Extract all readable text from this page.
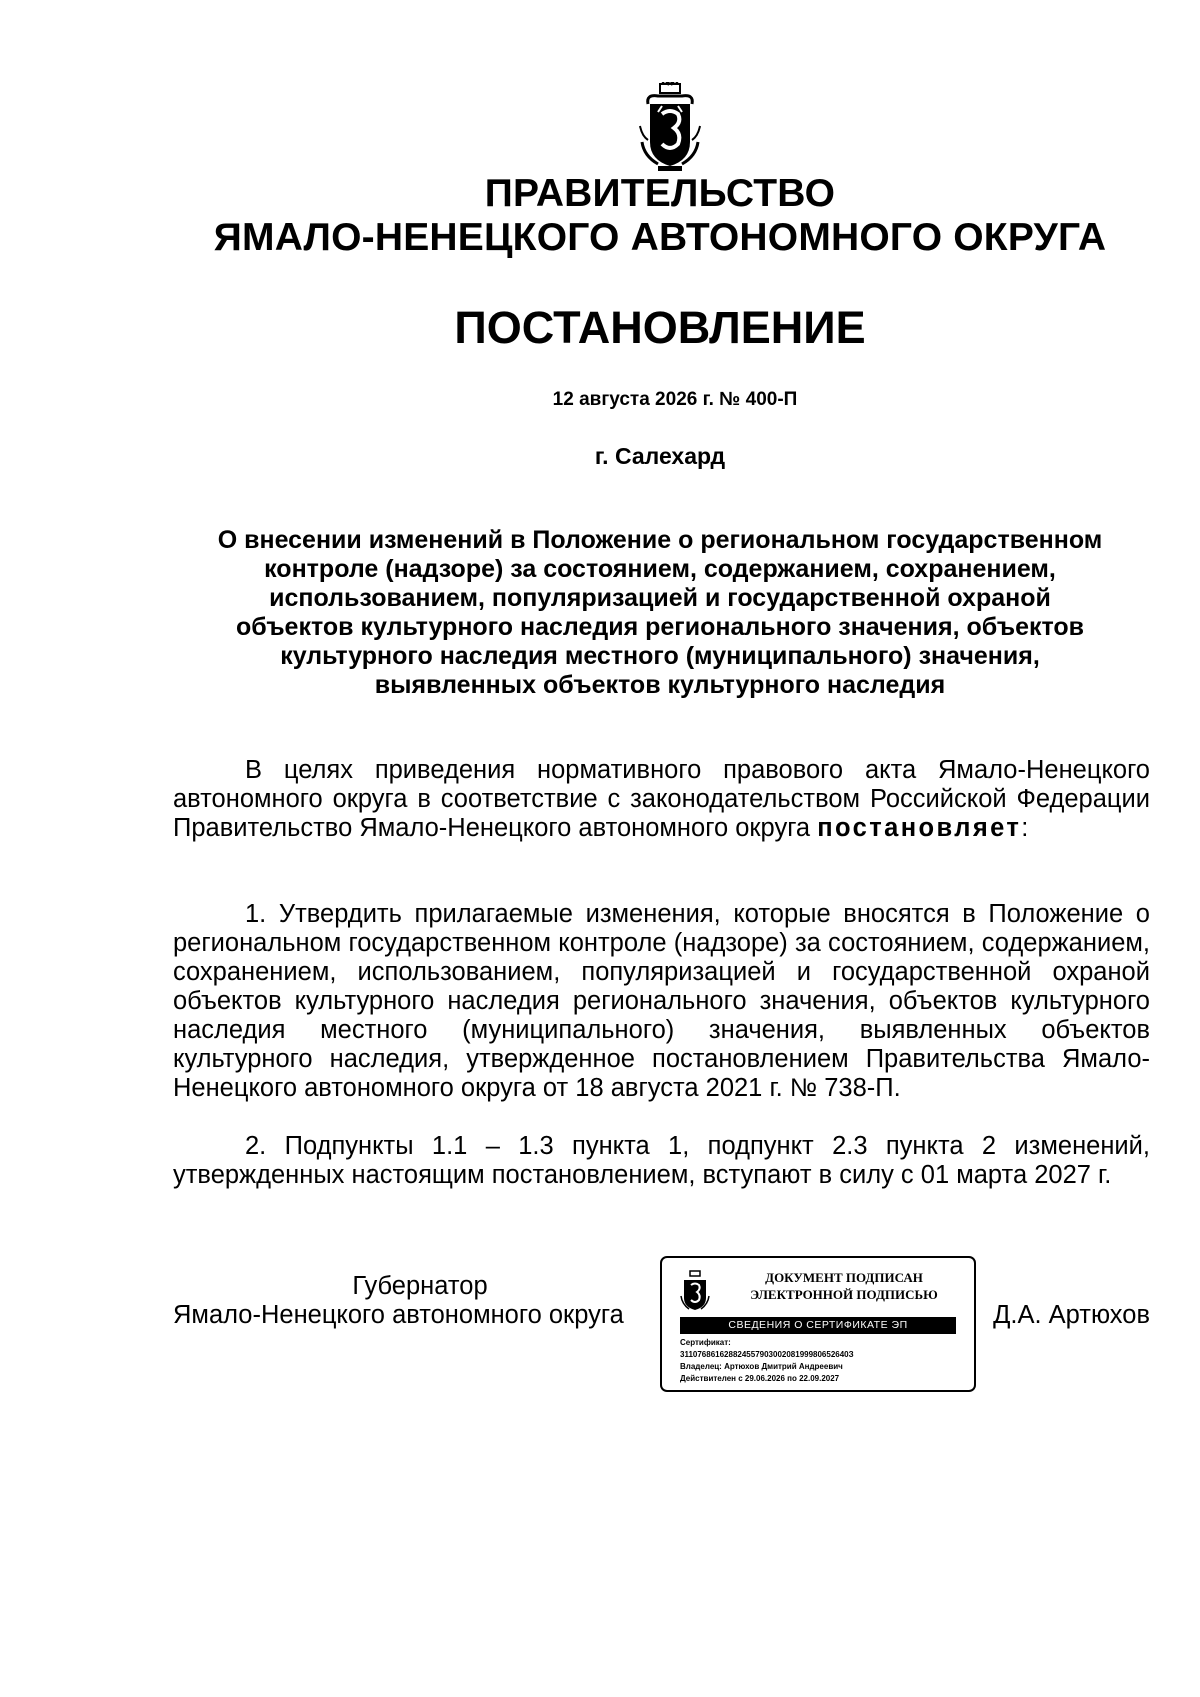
ПРАВИТЕЛЬСТВО
ЯМАЛО-НЕНЕЦКОГО АВТОНОМНОГО ОКРУГА
ПОСТАНОВЛЕНИЕ
12 августа 2026 г. № 400-П
г. Салехард
О внесении изменений в Положение о региональном государственном
контроле (надзоре) за состоянием, содержанием, сохранением,
использованием, популяризацией и государственной охраной
объектов культурного наследия регионального значения, объектов
культурного наследия местного (муниципального) значения,
выявленных объектов культурного наследия

В целях приведения нормативного правового акта Ямало-Ненецкого автономного округа в соответствие с законодательством Российской Федерации Правительство Ямало-Ненецкого автономного округа постановляет:

1. Утвердить прилагаемые изменения, которые вносятся в Положение о региональном государственном контроле (надзоре) за состоянием, содержанием, сохранением, использованием, популяризацией и государственной охраной объектов культурного наследия регионального значения, объектов культурного наследия местного (муниципального) значения, выявленных объектов культурного наследия, утвержденное постановлением Правительства Ямало-Ненецкого автономного округа от 18 августа 2021 г. № 738-П.

2. Подпункты 1.1 – 1.3 пункта 1, подпункт 2.3 пункта 2 изменений, утвержденных настоящим постановлением, вступают в силу с 01 марта 2027 г.

Губернатор
Ямало-Ненецкого автономного округа
ДОКУМЕНТ ПОДПИСАН
ЭЛЕКТРОННОЙ ПОДПИСЬЮ
СВЕДЕНИЯ О СЕРТИФИКАТЕ ЭП
Сертификат:
31107686162882455790300208199980652640З
Владелец: Артюхов Дмитрий Андреевич
Действителен с 29.06.2026 по 22.09.2027
Д.А. Артюхов
